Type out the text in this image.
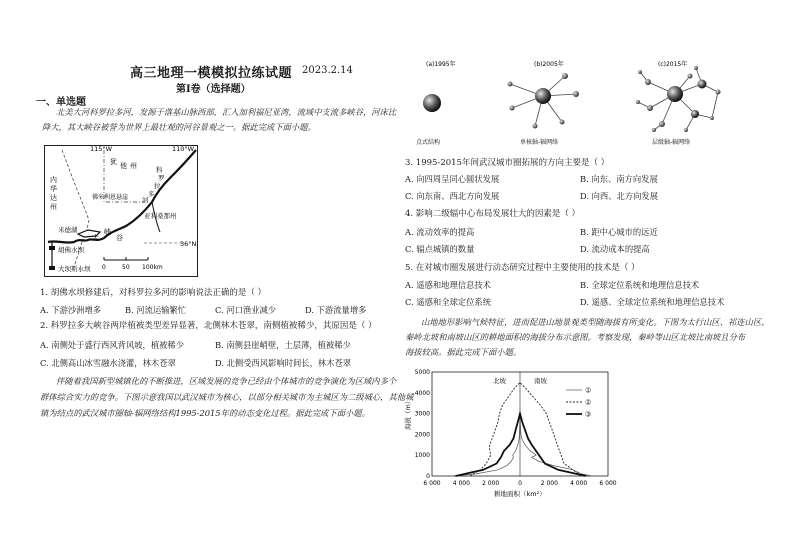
高三地理一模模拟拉练试题 2023.2.14
第Ⅰ卷（选择题）
一、单选题
北美大河科罗拉多河，发源于落基山脉西部，汇入加利福尼亚湾，流域中支流多峡谷，河床比
降大，其大峡谷被誉为世界上最壮观的河谷景观之一。据此完成下面小题。
115°W	110°W
36°N
内
华
达
州
犹 他 州	科
罗
拉
多
河
佛米利恩悬崖
亚利桑那州
大
峡
谷
米德湖
胡佛水坝
大坝斯水坝 0	50 100km
1. 胡佛水坝修建后，对科罗拉多河的影响说法正确的是（ ）
A. 下游沙洲增多	B. 河流运输繁忙	C. 河口渔业减少	D. 下游流量增多
2. 科罗拉多大峡谷两岸植被类型差异显著，北侧林木苍翠，南侧植被稀少，其原因是（ ）
A. 南侧处于盛行西风背风坡，植被稀少	B. 南侧县崖峭壁，土层薄，植被稀少
C. 北侧高山冰雪融水浇灌，林木苍翠	D. 北侧受西风影响时间长，林木苍翠
伴随着我国新型城镇化的不断推进，区域发展的竞争已经由个体城市的竞争演化为区域内多个
群体综合实力的竞争。下图示意我国以武汉城市为核心，以部分相关城市为主城区为二级城心，其他城
镇为结点的武汉城市圈轴-辐网络结构1995-2015年的动态变化过程。据此完成下面小题。
(a)1995年	(b)2005年	(c)2015年
点式结构	单核轴-辐网络	层级轴-辐网络
3. 1995-2015年间武汉城市圈拓展的方向主要是（ ）
A. 向四周呈同心圆状发展	B. 向东、南方向发展
C. 向东南、西北方向发展	D. 向西、北方向发展
4. 影响二级辐中心布局发展壮大的因素是（ ）
A. 流动效率的提高	B. 距中心城市的远近
C. 辐点城镇的数量	D. 流动成本的提高
5. 在对城市圈发展进行动态研究过程中主要使用的技术是（ ）
A. 遥感和地理信息技术	B. 全球定位系统和地理信息技术
C. 遥感和全球定位系统	D. 遥感、全球定位系统和地理信息技术
山地地形影响气候特征，进而促进山地景观类型随海拔有所变化。下图为太行山区、祁连山区、
秦岭北坡和南坡山区的耕地面积的海拔分布示意图。考察发现，秦岭等山区北坡比南坡且分布
海拔较高。据此完成下面小题。
北坡	南坡
海拔（m）
耕地面积（km²）
0
1000
2000
3000
4000
5000
6 000 4 000 2 000	0	2 000 4 000 6 000
①
②
③
